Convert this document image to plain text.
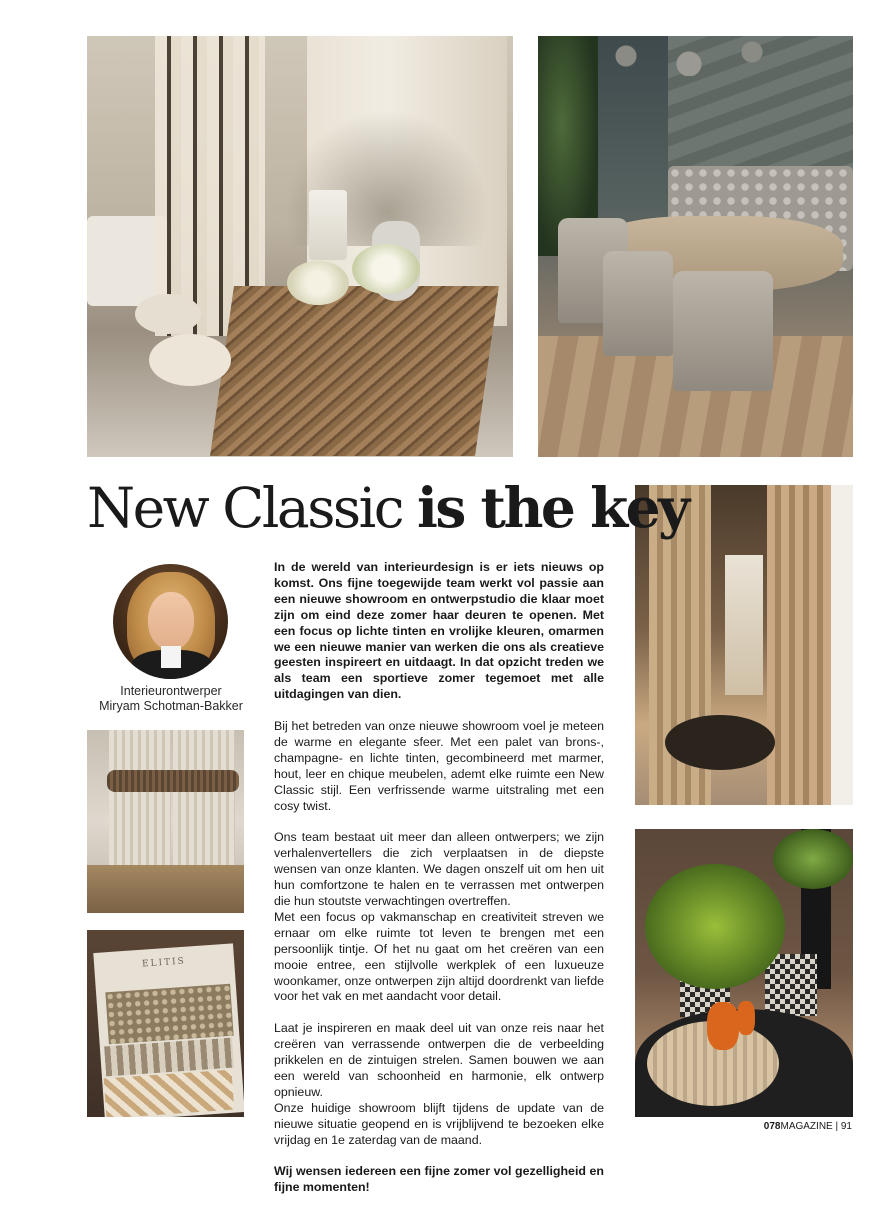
ELITIS
New Classic is the key
Interieurontwerper
Miryam Schotman-Bakker

In de wereld van interieurdesign is er iets nieuws op komst. Ons fijne toegewijde team werkt vol passie aan een nieuwe showroom en ontwerpstudio die klaar moet zijn om eind deze zomer haar deuren te openen. Met een focus op lichte tinten en vrolijke kleuren, omarmen we een nieuwe manier van werken die ons als creatieve geesten inspireert en uitdaagt. In dat opzicht treden we als team een sportieve zomer tegemoet met alle uitdagingen van dien.

Bij het betreden van onze nieuwe showroom voel je meteen de warme en elegante sfeer. Met een palet van brons-, champagne- en lichte tinten, gecombineerd met marmer, hout, leer en chique meubelen, ademt elke ruimte een New Classic stijl. Een verfrissende warme uitstraling met een cosy twist.

Ons team bestaat uit meer dan alleen ontwerpers; we zijn verhalenvertellers die zich verplaatsen in de diepste wensen van onze klanten. We dagen onszelf uit om hen uit hun comfortzone te halen en te verrassen met ontwerpen die hun stoutste verwachtingen overtreffen.

Met een focus op vakmanschap en creativiteit streven we ernaar om elke ruimte tot leven te brengen met een persoonlijk tintje. Of het nu gaat om het creëren van een mooie entree, een stijlvolle werkplek of een luxueuze woonkamer, onze ontwerpen zijn altijd doordrenkt van liefde voor het vak en met aandacht voor detail.

Laat je inspireren en maak deel uit van onze reis naar het creëren van verrassende ontwerpen die de verbeelding prikkelen en de zintuigen strelen. Samen bouwen we aan een wereld van schoonheid en harmonie, elk ontwerp opnieuw.

Onze huidige showroom blijft tijdens de update van de nieuwe situatie geopend en is vrijblijvend te bezoeken elke vrijdag en 1e zaterdag van de maand.

Wij wensen iedereen een fijne zomer vol gezelligheid en fijne momenten!

078MAGAZINE | 91
